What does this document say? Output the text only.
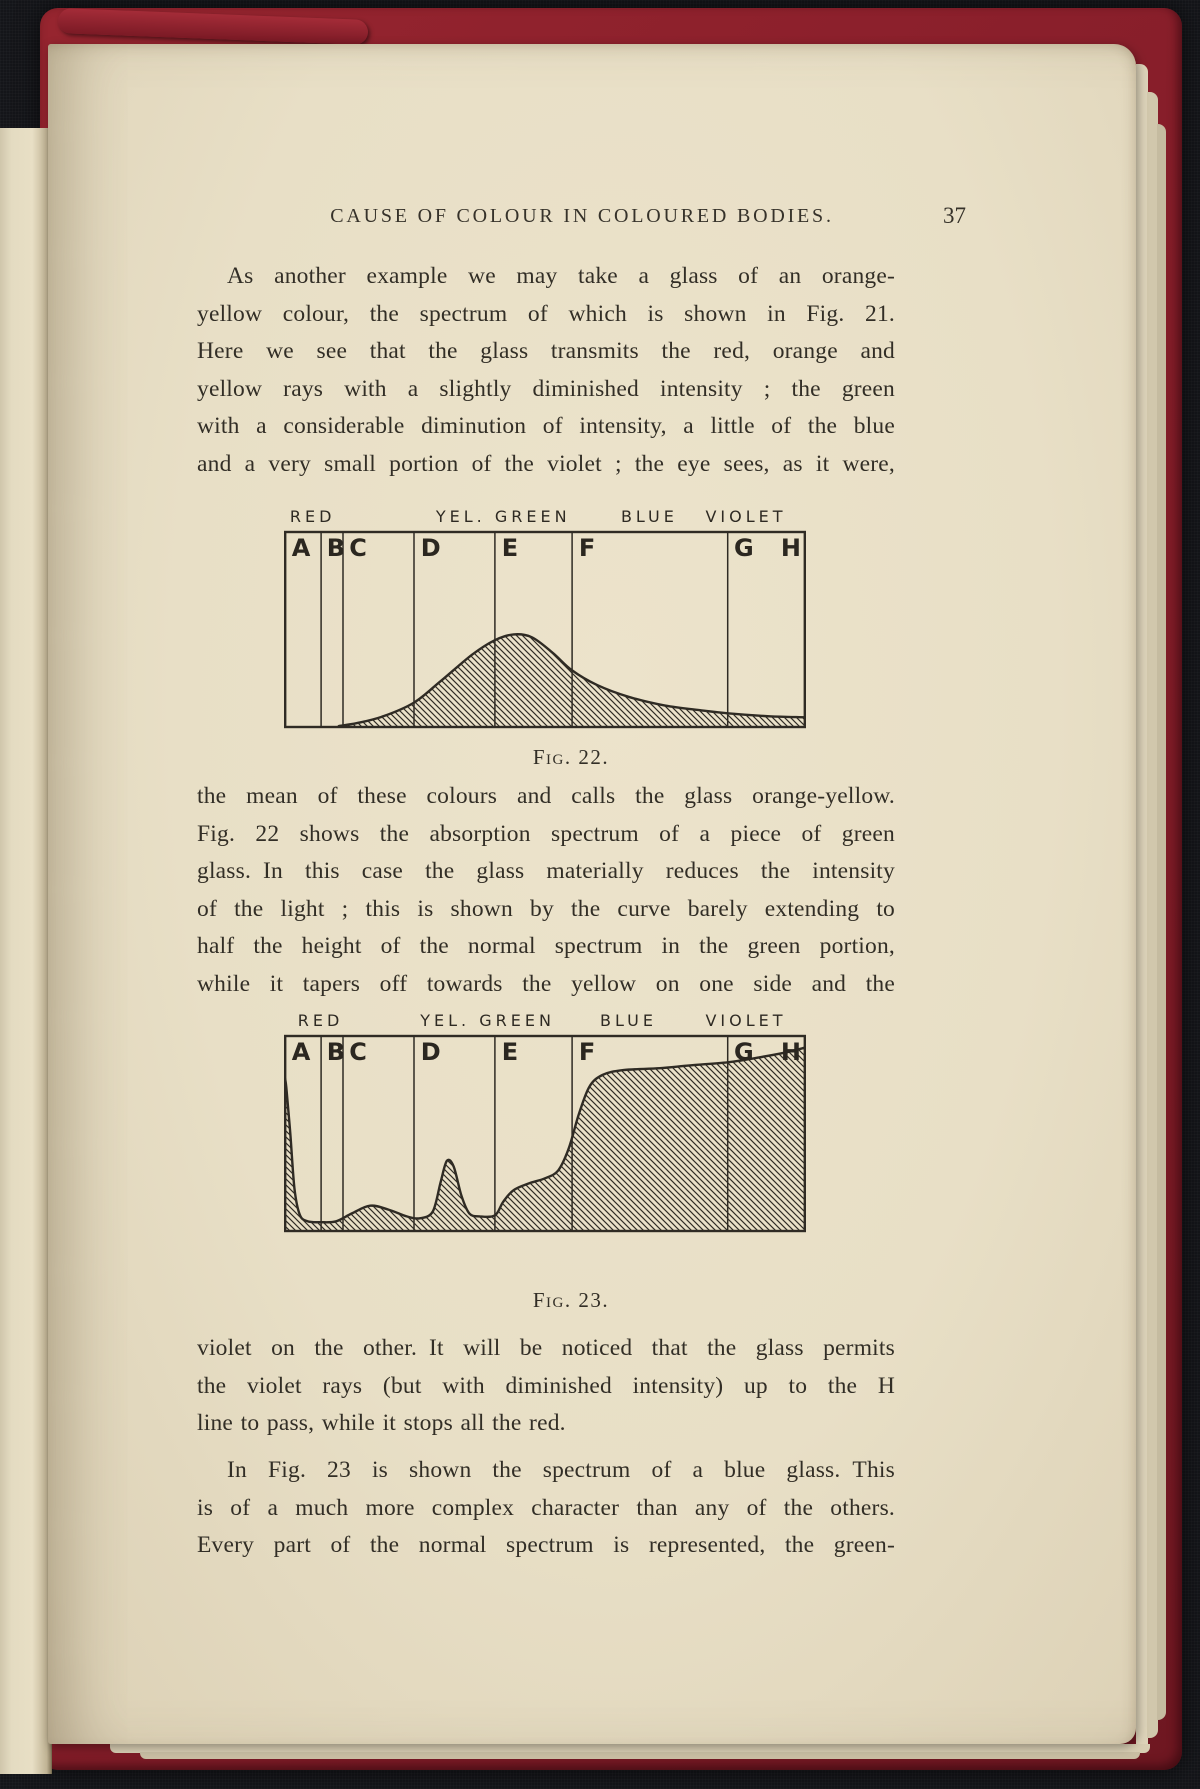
CAUSE OF COLOUR IN COLOURED BODIES.	37
As another example we may take a glass of an orange-
yellow colour, the spectrum of which is shown in Fig. 21.
Here we see that the glass transmits the red, orange and
yellow rays with a slightly diminished intensity ; the green
with a considerable diminution of intensity, a little of the blue
and a very small portion of the violet ; the eye sees, as it were,
RED	YEL. GREEN	BLUE VIOLET
A B C D	E	F	G H
Fig. 22.
the mean of these colours and calls the glass orange-yellow.
Fig. 22 shows the absorption spectrum of a piece of green
glass. In this case the glass materially reduces the intensity
of the light ; this is shown by the curve barely extending to
half the height of the normal spectrum in the green portion,
while it tapers off towards the yellow on one side and the
RED	YEL. GREEN	BLUE	VIOLET
A B C D	E	F	G H
Fig. 23.
violet on the other. It will be noticed that the glass permits
the violet rays (but with diminished intensity) up to the H
line to pass, while it stops all the red.
In Fig. 23 is shown the spectrum of a blue glass. This
is of a much more complex character than any of the others.
Every part of the normal spectrum is represented, the green-
